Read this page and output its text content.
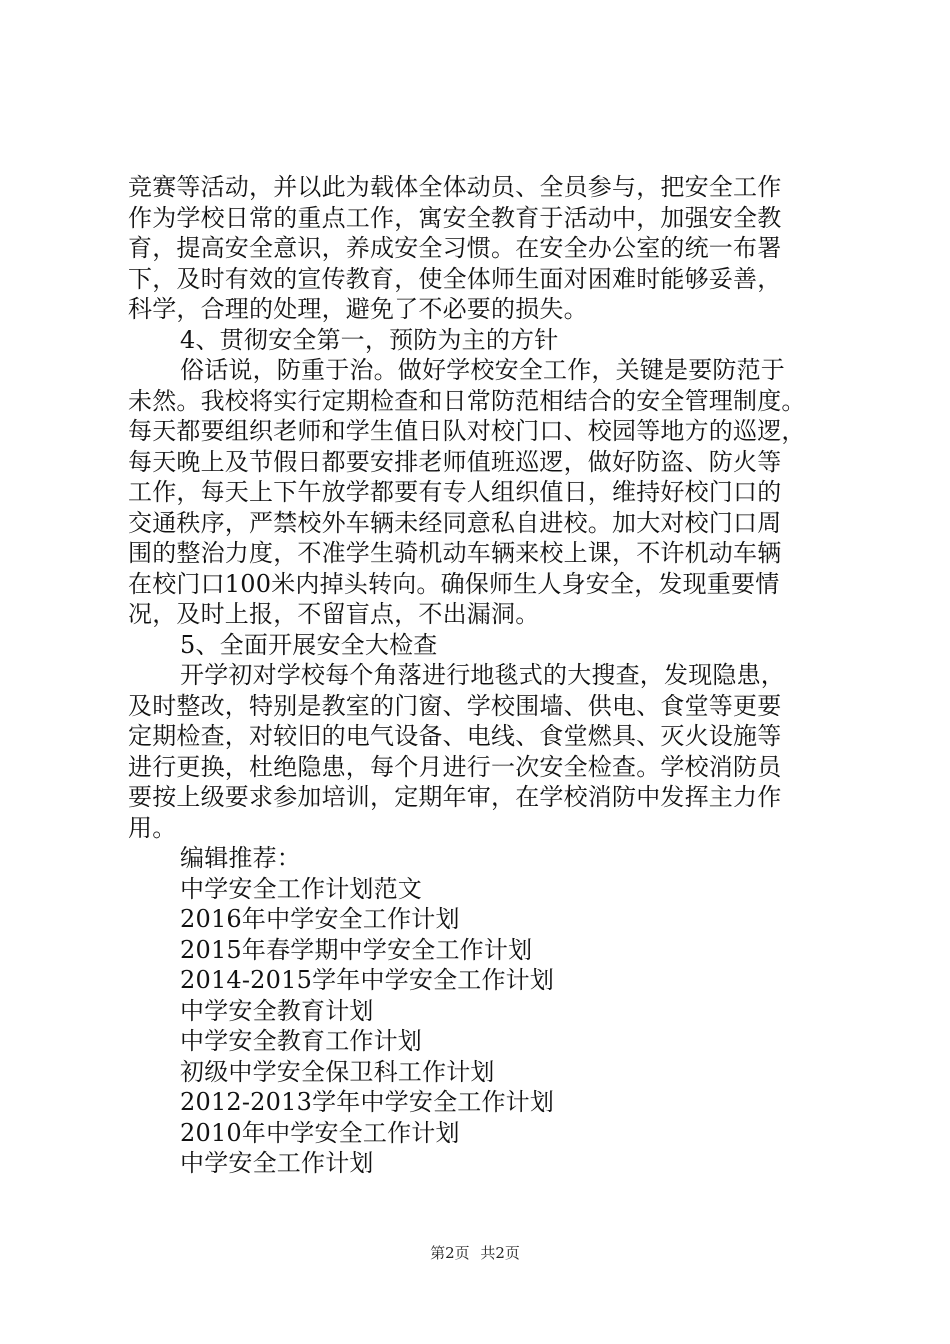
竞赛等活动，并以此为载体全体动员、全员参与，把安全工作
作为学校日常的重点工作，寓安全教育于活动中，加强安全教
育，提高安全意识，养成安全习惯。在安全办公室的统一布署
下，及时有效的宣传教育，使全体师生面对困难时能够妥善，
科学，合理的处理，避免了不必要的损失。
4、贯彻安全第一，预防为主的方针
俗话说，防重于治。做好学校安全工作，关键是要防范于
未然。我校将实行定期检查和日常防范相结合的安全管理制度。
每天都要组织老师和学生值日队对校门口、校园等地方的巡逻，
每天晚上及节假日都要安排老师值班巡逻，做好防盗、防火等
工作，每天上下午放学都要有专人组织值日，维持好校门口的
交通秩序，严禁校外车辆未经同意私自进校。加大对校门口周
围的整治力度，不准学生骑机动车辆来校上课，不许机动车辆
在校门口100米内掉头转向。确保师生人身安全，发现重要情
况，及时上报，不留盲点，不出漏洞。
5、全面开展安全大检查
开学初对学校每个角落进行地毯式的大搜查，发现隐患，
及时整改，特别是教室的门窗、学校围墙、供电、食堂等更要
定期检查，对较旧的电气设备、电线、食堂燃具、灭火设施等
进行更换，杜绝隐患，每个月进行一次安全检查。学校消防员
要按上级要求参加培训，定期年审，在学校消防中发挥主力作
用。
编辑推荐：
中学安全工作计划范文
2016年中学安全工作计划
2015年春学期中学安全工作计划
2014-2015学年中学安全工作计划
中学安全教育计划
中学安全教育工作计划
初级中学安全保卫科工作计划
2012-2013学年中学安全工作计划
2010年中学安全工作计划
中学安全工作计划
第2页 共2页
